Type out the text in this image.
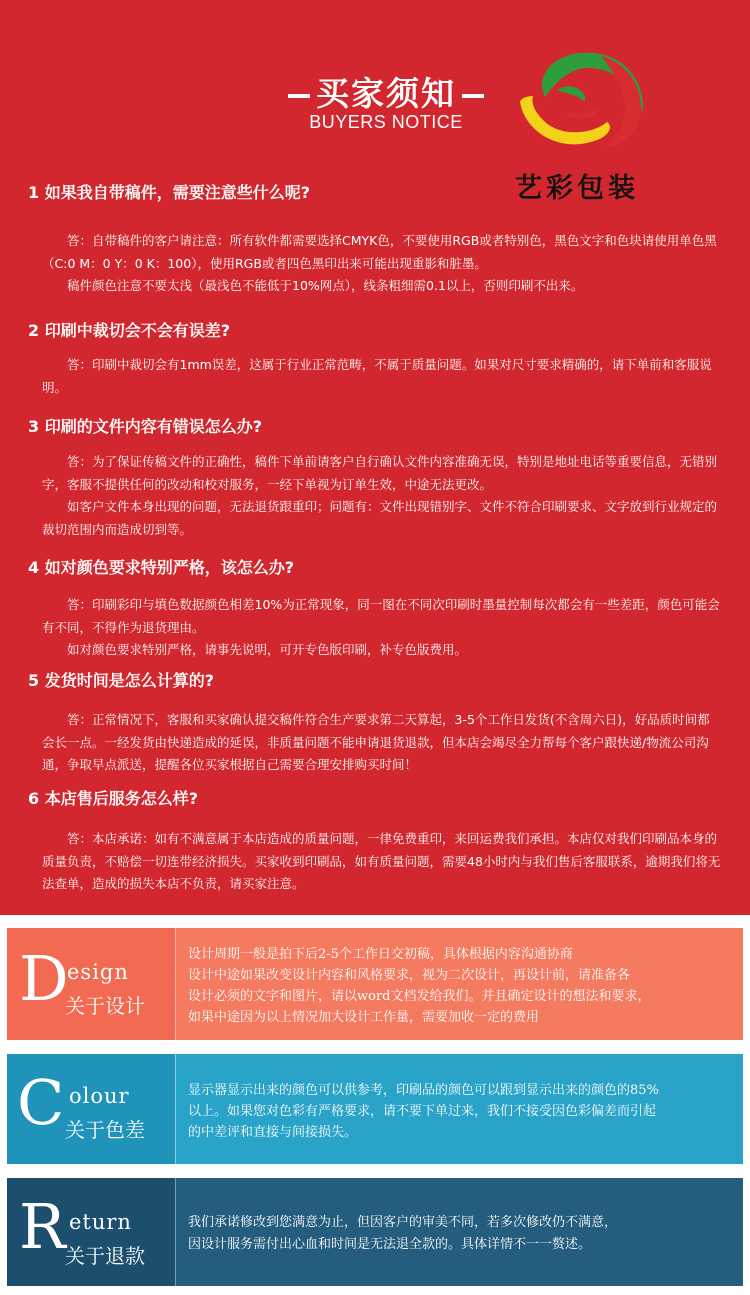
买家须知
BUYERS NOTICE
艺彩包装
1 如果我自带稿件，需要注意些什么呢?

答：自带稿件的客户请注意：所有软件都需要选择CMYK色，不要使用RGB或者特别色，黑色文字和色块请使用单色黑（C:0 M：0 Y：0 K：100），使用RGB或者四色黑印出来可能出现重影和脏墨。

稿件颜色注意不要太浅（最浅色不能低于10%网点），线条粗细需0.1以上，否则印刷不出来。

2 印刷中裁切会不会有误差?

答：印刷中裁切会有1mm误差，这属于行业正常范畴，不属于质量问题。如果对尺寸要求精确的，请下单前和客服说明。

3 印刷的文件内容有错误怎么办?

答：为了保证传稿文件的正确性，稿件下单前请客户自行确认文件内容准确无误，特别是地址电话等重要信息，无错别字，客服不提供任何的改动和校对服务，一经下单视为订单生效，中途无法更改。

如客户文件本身出现的问题，无法退货跟重印；问题有：文件出现错别字、文件不符合印刷要求、文字放到行业规定的裁切范围内而造成切到等。

4 如对颜色要求特别严格，该怎么办?

答：印刷彩印与填色数据颜色相差10%为正常现象，同一图在不同次印刷时墨量控制每次都会有一些差距，颜色可能会有不同，不得作为退货理由。

如对颜色要求特别严格，请事先说明，可开专色版印刷，补专色版费用。

5 发货时间是怎么计算的?

答：正常情况下，客服和买家确认提交稿件符合生产要求第二天算起，3-5个工作日发货(不含周六日)，好品质时间都会长一点。一经发货由快递造成的延误，非质量问题不能申请退货退款，但本店会竭尽全力帮每个客户跟快递/物流公司沟通，争取早点派送，提醒各位买家根据自己需要合理安排购买时间！

6 本店售后服务怎么样?

答：本店承诺：如有不满意属于本店造成的质量问题，一律免费重印，来回运费我们承担。本店仅对我们印刷品本身的质量负责，不赔偿一切连带经济损失。买家收到印刷品，如有质量问题，需要48小时内与我们售后客服联系，逾期我们将无法查单，造成的损失本店不负责，请买家注意。

D
esign
关于设计
设计周期一般是拍下后2-5个工作日交初稿，具体根据内容沟通协商
设计中途如果改变设计内容和风格要求，视为二次设计，再设计前，请准备各
设计必须的文字和图片，请以word文档发给我们。并且确定设计的想法和要求，
如果中途因为以上情况加大设计工作量，需要加收一定的费用
C olour
关于色差
显示器显示出来的颜色可以供参考，印刷品的颜色可以跟到显示出来的颜色的85%
以上。如果您对色彩有严格要求，请不要下单过来，我们不接受因色彩偏差而引起
的中差评和直接与间接损失。
R eturn
关于退款
我们承诺修改到您满意为止，但因客户的审美不同，若多次修改仍不满意，
因设计服务需付出心血和时间是无法退全款的。具体详情不一一赘述。
